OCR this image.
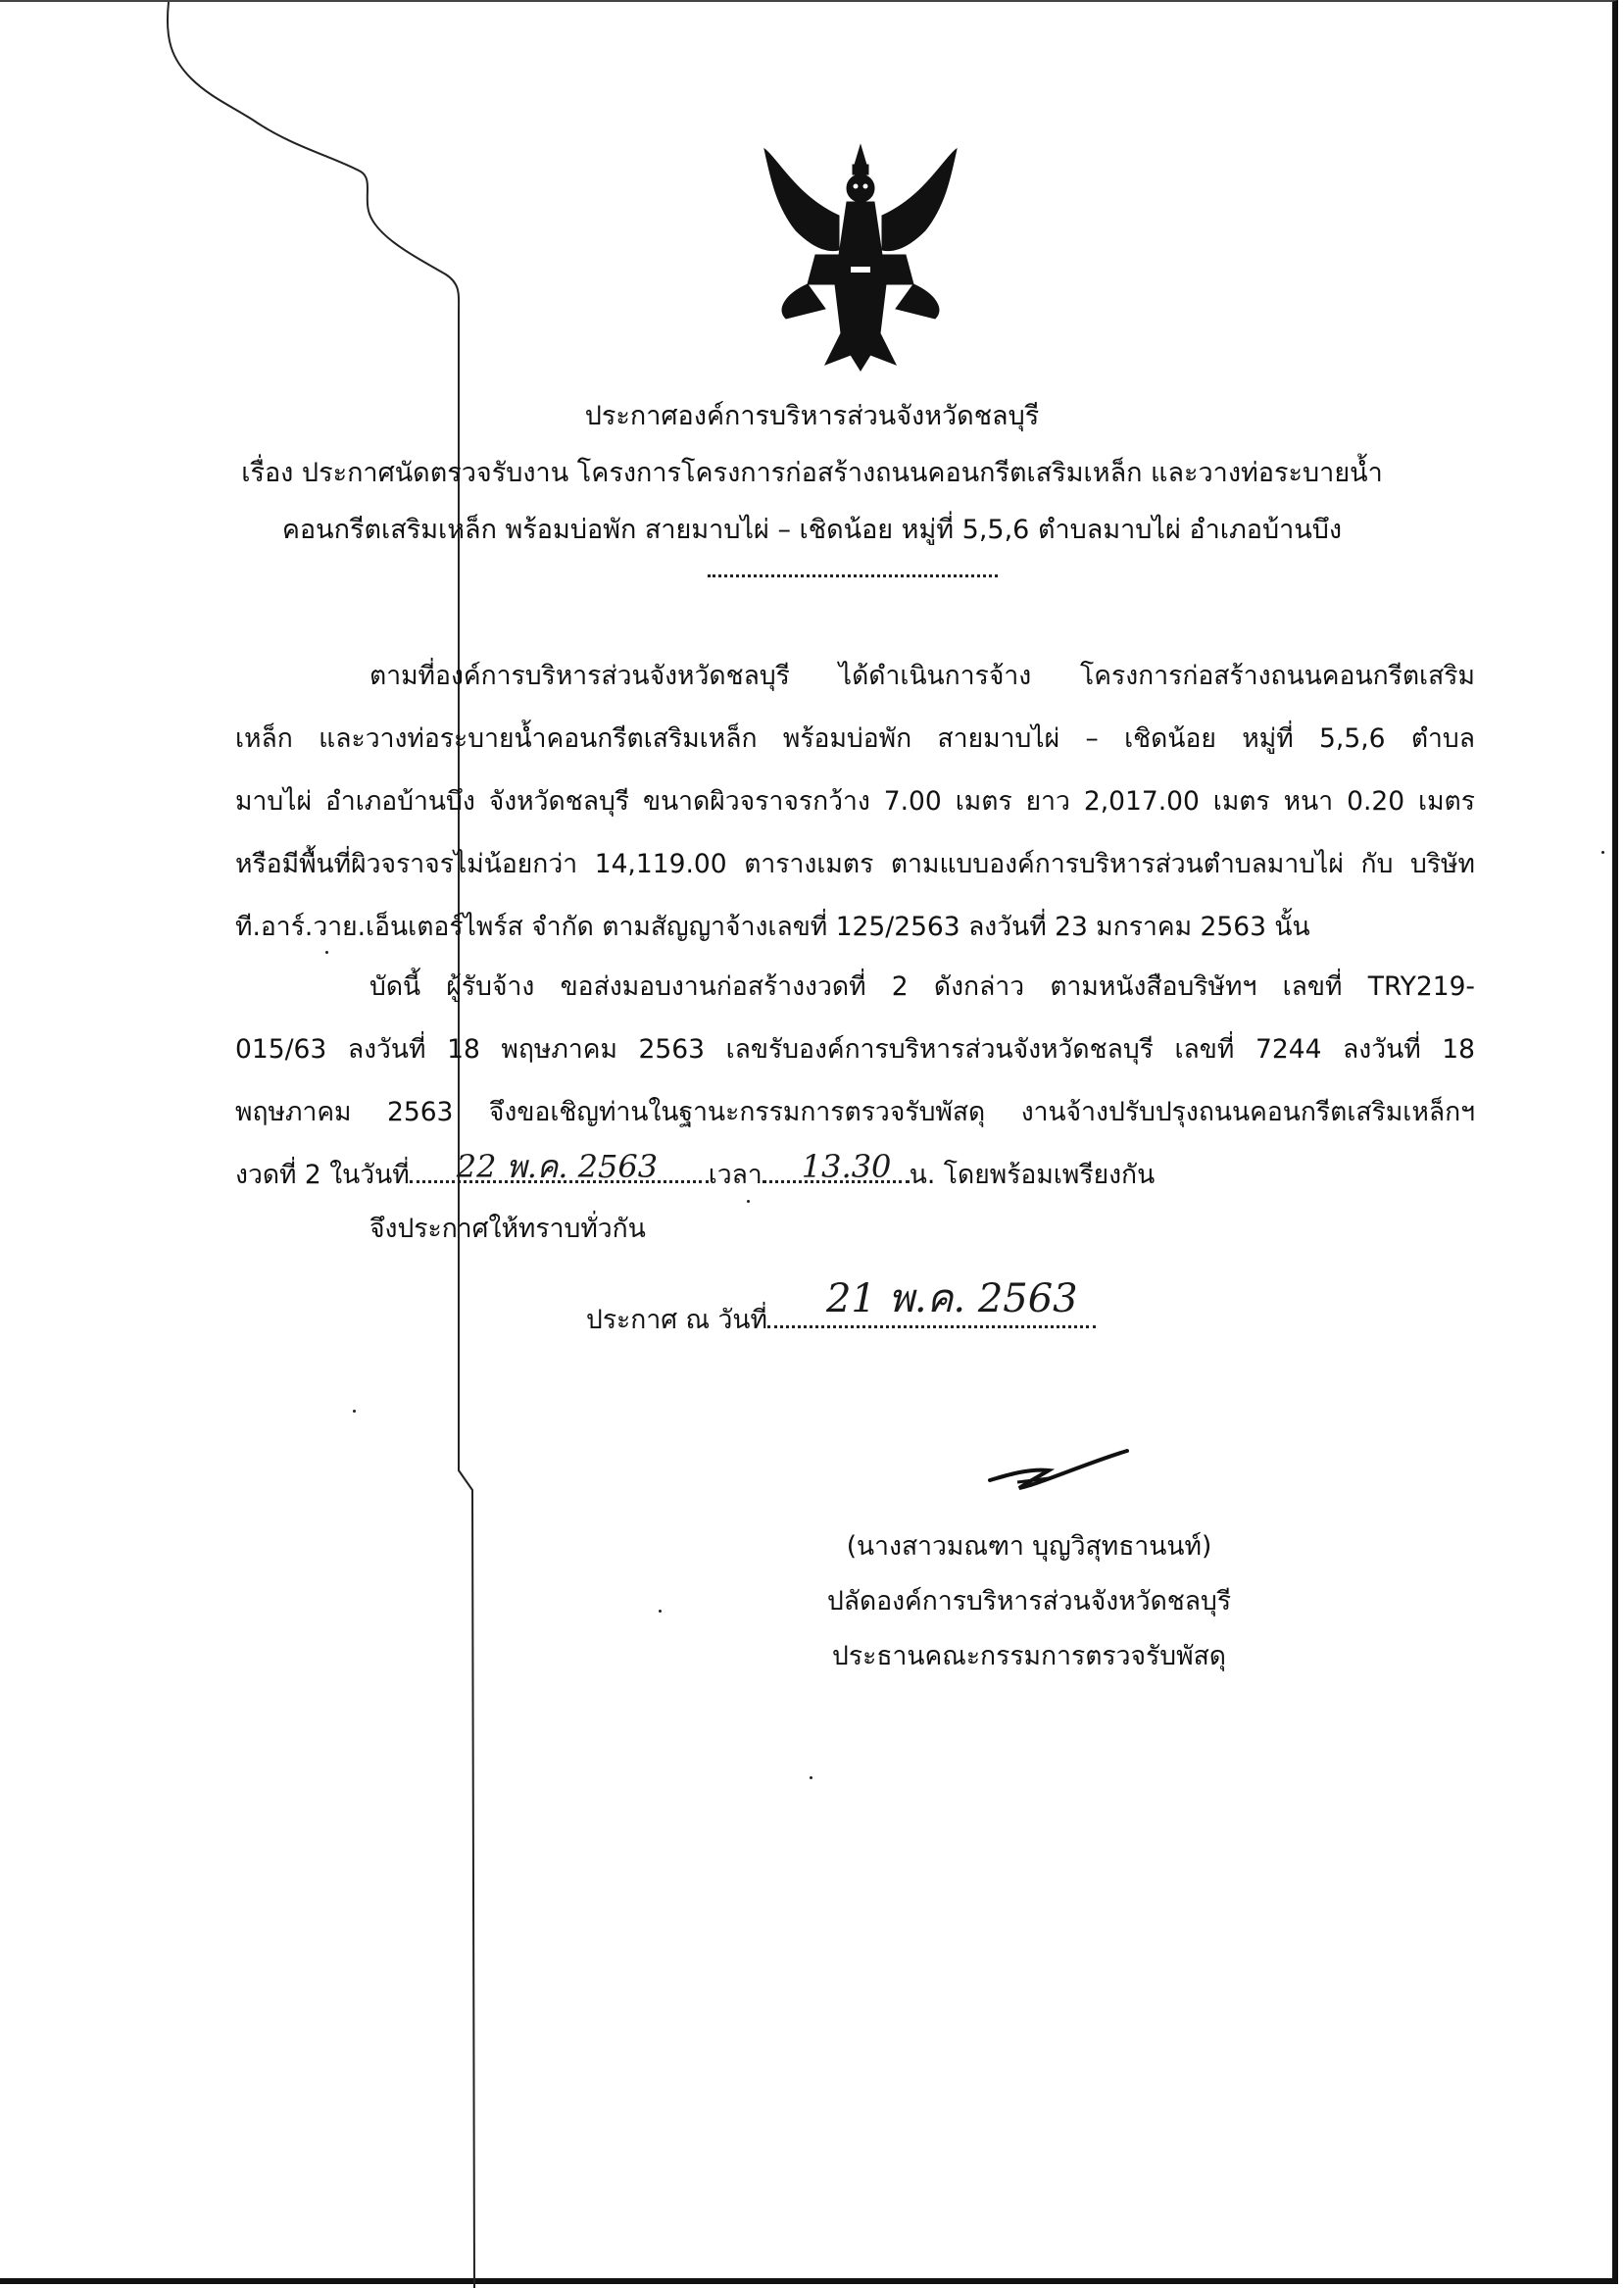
ประกาศองค์การบริหารส่วนจังหวัดชลบุรี
เรื่อง ประกาศนัดตรวจรับงาน โครงการโครงการก่อสร้างถนนคอนกรีตเสริมเหล็ก และวางท่อระบายน้ำ
คอนกรีตเสริมเหล็ก พร้อมบ่อพัก สายมาบไผ่ – เชิดน้อย หมู่ที่ 5,5,6 ตำบลมาบไผ่ อำเภอบ้านบึง
ตามที่องค์การบริหารส่วนจังหวัดชลบุรี ได้ดำเนินการจ้าง โครงการก่อสร้างถนนคอนกรีตเสริม
เหล็ก และวางท่อระบายน้ำคอนกรีตเสริมเหล็ก พร้อมบ่อพัก สายมาบไผ่ – เชิดน้อย หมู่ที่ 5,5,6 ตำบล
มาบไผ่ อำเภอบ้านบึง จังหวัดชลบุรี ขนาดผิวจราจรกว้าง 7.00 เมตร ยาว 2,017.00 เมตร หนา 0.20 เมตร
หรือมีพื้นที่ผิวจราจรไม่น้อยกว่า 14,119.00 ตารางเมตร ตามแบบองค์การบริหารส่วนตำบลมาบไผ่ กับ บริษัท
ที.อาร์.วาย.เอ็นเตอร์ไพร์ส จำกัด ตามสัญญาจ้างเลขที่ 125/2563 ลงวันที่ 23 มกราคม 2563 นั้น
บัดนี้ ผู้รับจ้าง ขอส่งมอบงานก่อสร้างงวดที่ 2 ดังกล่าว ตามหนังสือบริษัทฯ เลขที่ TRY219-
015/63 ลงวันที่ 18 พฤษภาคม 2563 เลขรับองค์การบริหารส่วนจังหวัดชลบุรี เลขที่ 7244 ลงวันที่ 18
พฤษภาคม 2563 จึงขอเชิญท่านในฐานะกรรมการตรวจรับพัสดุ งานจ้างปรับปรุงถนนคอนกรีตเสริมเหล็กฯ
งวดที่ 2 ในวันที่ 22 พ.ค. 2563 เวลา 13.30 น. โดยพร้อมเพรียงกัน
จึงประกาศให้ทราบทั่วกัน
ประกาศ ณ วันที่ 21 พ.ค. 2563
(นางสาวมณฑา บุญวิสุทธานนท์)
ปลัดองค์การบริหารส่วนจังหวัดชลบุรี
ประธานคณะกรรมการตรวจรับพัสดุ
